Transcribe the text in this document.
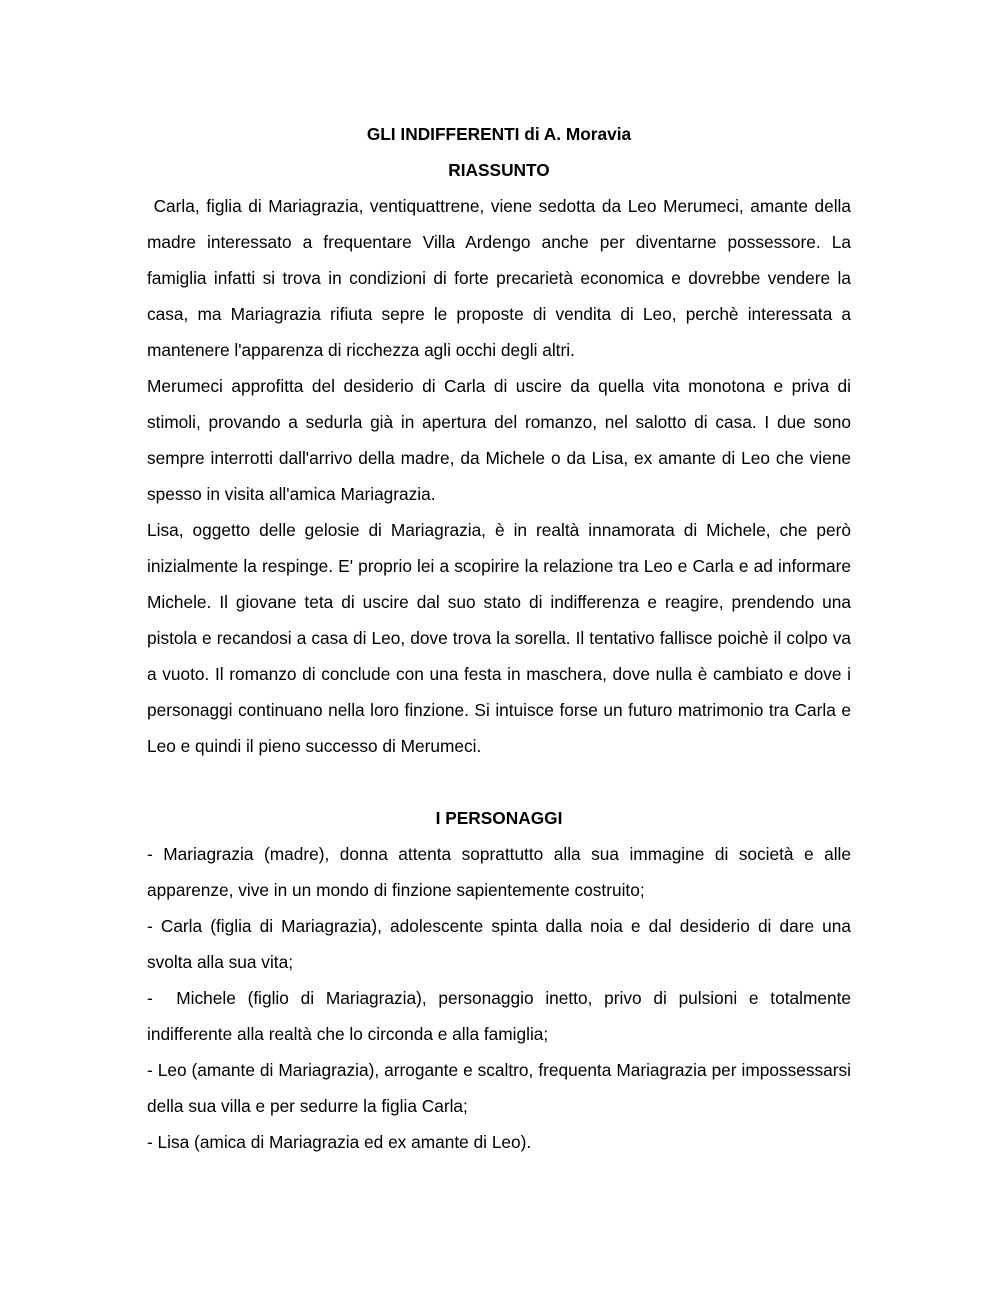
GLI INDIFFERENTI di A. Moravia

RIASSUNTO

Carla, figlia di Mariagrazia, ventiquattrene, viene sedotta da Leo Merumeci, amante della madre interessato a frequentare Villa Ardengo anche per diventarne possessore. La famiglia infatti si trova in condizioni di forte precarietà economica e dovrebbe vendere la casa, ma Mariagrazia rifiuta sepre le proposte di vendita di Leo, perchè interessata a mantenere l'apparenza di ricchezza agli occhi degli altri.

Merumeci approfitta del desiderio di Carla di uscire da quella vita monotona e priva di stimoli, provando a sedurla già in apertura del romanzo, nel salotto di casa. I due sono sempre interrotti dall'arrivo della madre, da Michele o da Lisa, ex amante di Leo che viene spesso in visita all'amica Mariagrazia.

Lisa, oggetto delle gelosie di Mariagrazia, è in realtà innamorata di Michele, che però inizialmente la respinge. E' proprio lei a scopirire la relazione tra Leo e Carla e ad informare Michele. Il giovane teta di uscire dal suo stato di indifferenza e reagire, prendendo una pistola e recandosi a casa di Leo, dove trova la sorella. Il tentativo fallisce poichè il colpo va a vuoto. Il romanzo di conclude con una festa in maschera, dove nulla è cambiato e dove i personaggi continuano nella loro finzione. Si intuisce forse un futuro matrimonio tra Carla e Leo e quindi il pieno successo di Merumeci.

I PERSONAGGI

- Mariagrazia (madre), donna attenta soprattutto alla sua immagine di società e alle apparenze, vive in un mondo di finzione sapientemente costruito;

- Carla (figlia di Mariagrazia), adolescente spinta dalla noia e dal desiderio di dare una svolta alla sua vita;

-  Michele (figlio di Mariagrazia), personaggio inetto, privo di pulsioni e totalmente indifferente alla realtà che lo circonda e alla famiglia;

- Leo (amante di Mariagrazia), arrogante e scaltro, frequenta Mariagrazia per impossessarsi della sua villa e per sedurre la figlia Carla;

- Lisa (amica di Mariagrazia ed ex amante di Leo).
